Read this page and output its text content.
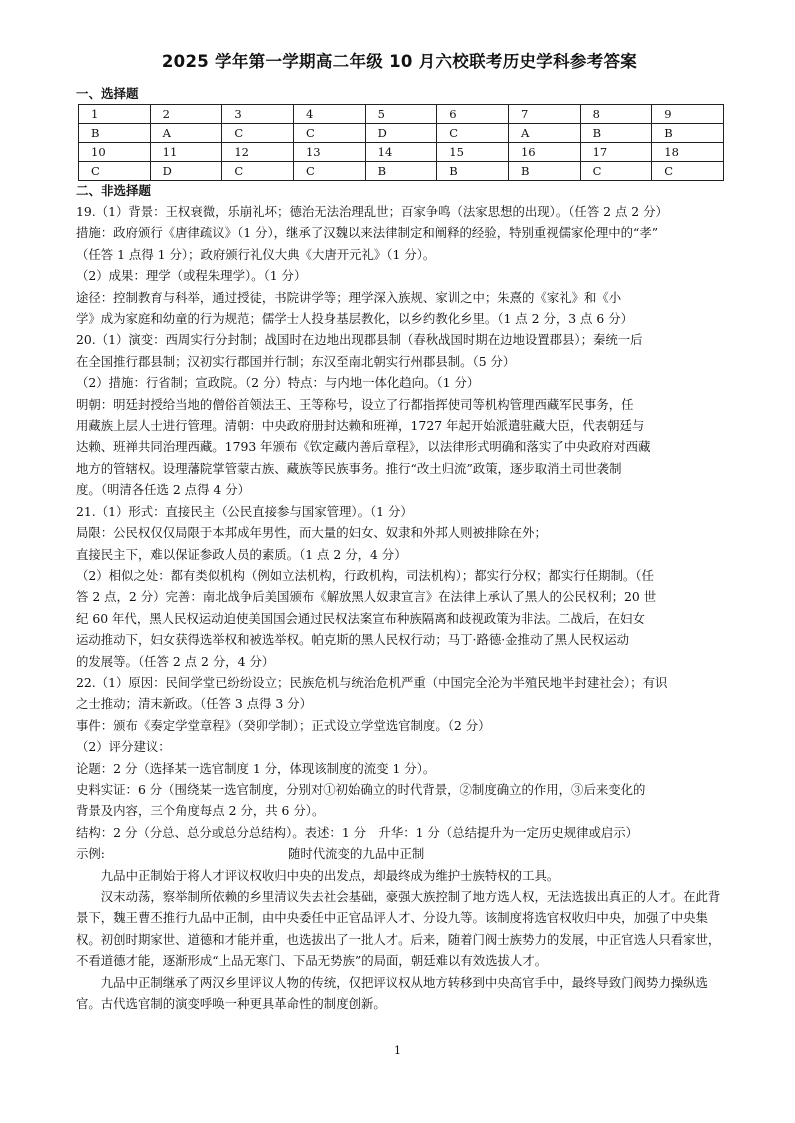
2025 学年第一学期高二年级 10 月六校联考历史学科参考答案
一、选择题
1	2	3	4	5	6	7	8	9
B	A	C	C	D	C	A	B	B
10	11	12	13	14	15	16	17	18
C	D	C	C	B	B	B	C	C
二、非选择题

19.（1）背景：王权衰微，乐崩礼坏；德治无法治理乱世；百家争鸣（法家思想的出现）。（任答 2 点 2 分）

措施：政府颁行《唐律疏议》（1 分），继承了汉魏以来法律制定和阐释的经验，特别重视儒家伦理中的“孝”

（任答 1 点得 1 分）；政府颁行礼仪大典《大唐开元礼》（1 分）。

（2）成果：理学（或程朱理学）。（1 分）

途径：控制教育与科举，通过授徒，书院讲学等；理学深入族规、家训之中；朱熹的《家礼》和《小

学》成为家庭和幼童的行为规范；儒学士人投身基层教化，以乡约教化乡里。（1 点 2 分，3 点 6 分）

20.（1）演变：西周实行分封制；战国时在边地出现郡县制（春秋战国时期在边地设置郡县）；秦统一后

在全国推行郡县制；汉初实行郡国并行制；东汉至南北朝实行州郡县制。（5 分）

（2）措施：行省制；宣政院。（2 分）特点：与内地一体化趋向。（1 分）

明朝：明廷封授给当地的僧俗首领法王、王等称号，设立了行都指挥使司等机构管理西藏军民事务，任

用藏族上层人士进行管理。清朝：中央政府册封达赖和班禅，1727 年起开始派遣驻藏大臣，代表朝廷与

达赖、班禅共同治理西藏。1793 年颁布《钦定藏内善后章程》，以法律形式明确和落实了中央政府对西藏

地方的管辖权。设理藩院掌管蒙古族、藏族等民族事务。推行“改土归流”政策，逐步取消土司世袭制

度。（明清各任选 2 点得 4 分）

21.（1）形式：直接民主（公民直接参与国家管理）。（1 分）

局限：公民权仅仅局限于本邦成年男性，而大量的妇女、奴隶和外邦人则被排除在外；

直接民主下，难以保证参政人员的素质。（1 点 2 分，4 分）

（2）相似之处：都有类似机构（例如立法机构，行政机构，司法机构）；都实行分权；都实行任期制。（任

答 2 点，2 分）完善：南北战争后美国颁布《解放黑人奴隶宣言》在法律上承认了黑人的公民权利；20 世

纪 60 年代，黑人民权运动迫使美国国会通过民权法案宣布种族隔离和歧视政策为非法。二战后，在妇女

运动推动下，妇女获得选举权和被选举权。帕克斯的黑人民权行动；马丁·路德·金推动了黑人民权运动

的发展等。（任答 2 点 2 分，4 分）

22.（1）原因：民间学堂已纷纷设立；民族危机与统治危机严重（中国完全沦为半殖民地半封建社会）；有识

之士推动；清末新政。（任答 3 点得 3 分）

事件：颁布《奏定学堂章程》（癸卯学制）；正式设立学堂选官制度。（2 分）

（2）评分建议：

论题：2 分（选择某一选官制度 1 分，体现该制度的流变 1 分）。

史料实证：6 分（围绕某一选官制度，分别对①初始确立的时代背景，②制度确立的作用，③后来变化的

背景及内容，三个角度每点 2 分，共 6 分）。

结构：2 分（分总、总分或总分总结构）。表述：1 分　升华：1 分（总结提升为一定历史规律或启示）

示例:	随时代流变的九品中正制

九品中正制始于将人才评议权收归中央的出发点，却最终成为维护士族特权的工具。

汉末动荡，察举制所依赖的乡里清议失去社会基础，豪强大族控制了地方选人权，无法选拔出真正的人才。在此背景下，魏王曹丕推行九品中正制，由中央委任中正官品评人才、分设九等。该制度将选官权收归中央，加强了中央集权。初创时期家世、道德和才能并重，也选拔出了一批人才。后来，随着门阀士族势力的发展，中正官选人只看家世，不看道德才能，逐渐形成“上品无寒门、下品无势族”的局面，朝廷难以有效选拔人才。

九品中正制继承了两汉乡里评议人物的传统，仅把评议权从地方转移到中央高官手中，最终导致门阀势力操纵选官。古代选官制的演变呼唤一种更具革命性的制度创新。

1
